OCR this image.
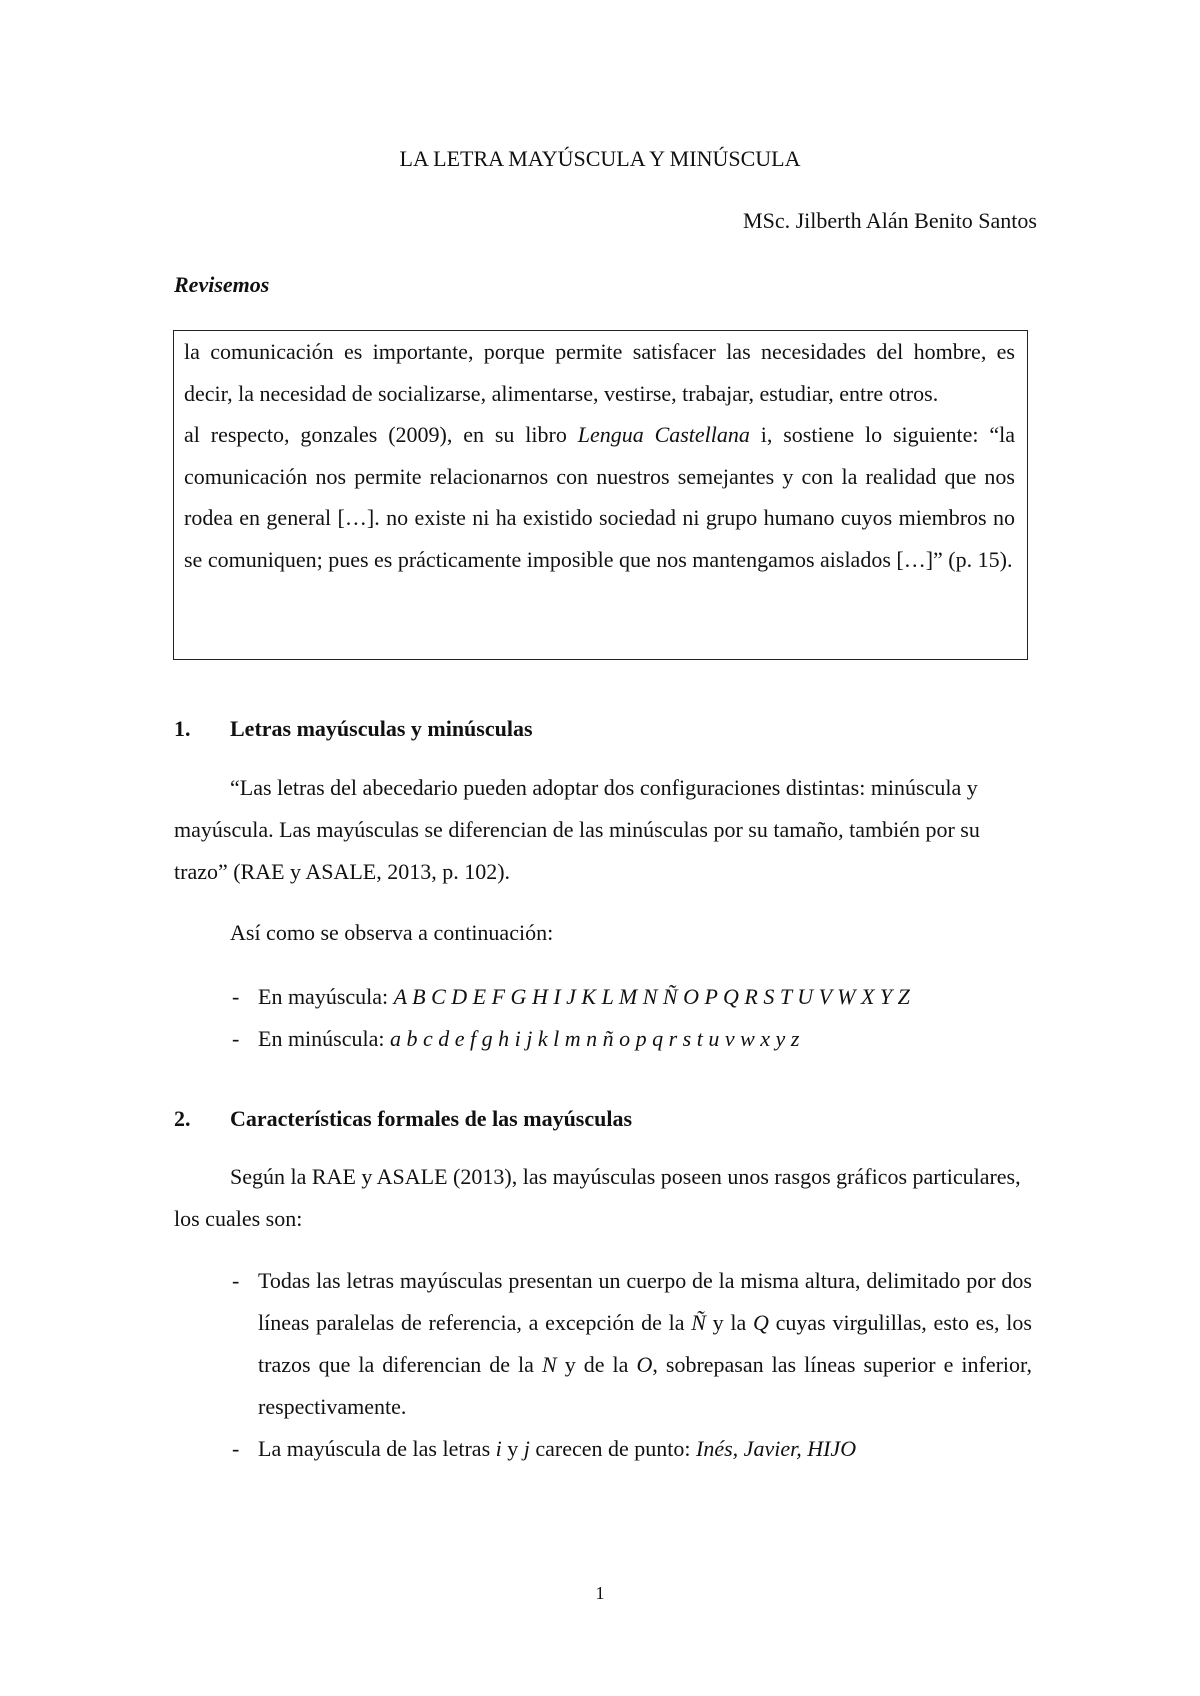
LA LETRA MAYÚSCULA Y MINÚSCULA
MSc. Jilberth Alán Benito Santos
Revisemos

la comunicación es importante, porque permite satisfacer las necesidades del hombre, es decir, la necesidad de socializarse, alimentarse, vestirse, trabajar, estudiar, entre otros.

al respecto, gonzales (2009), en su libro Lengua Castellana i, sostiene lo siguiente: “la comunicación nos permite relacionarnos con nuestros semejantes y con la realidad que nos rodea en general […]. no existe ni ha existido sociedad ni grupo humano cuyos miembros no se comuniquen; pues es prácticamente imposible que nos mantengamos aislados […]” (p. 15).

1. Letras mayúsculas y minúsculas

“Las letras del abecedario pueden adoptar dos configuraciones distintas: minúscula y mayúscula. Las mayúsculas se diferencian de las minúsculas por su tamaño, también por su trazo” (RAE y ASALE, 2013, p. 102).

Así como se observa a continuación:

- En mayúscula: A B C D E F G H I J K L M N Ñ O P Q R S T U V W X Y Z
- En minúscula: a b c d e f g h i j k l m n ñ o p q r s t u v w x y z
2. Características formales de las mayúsculas

Según la RAE y ASALE (2013), las mayúsculas poseen unos rasgos gráficos particulares, los cuales son:

- Todas las letras mayúsculas presentan un cuerpo de la misma altura, delimitado por dos líneas paralelas de referencia, a excepción de la Ñ y la Q cuyas virgulillas, esto es, los trazos que la diferencian de la N y de la O, sobrepasan las líneas superior e inferior, respectivamente.
- La mayúscula de las letras i y j carecen de punto: Inés, Javier, HIJO
1
